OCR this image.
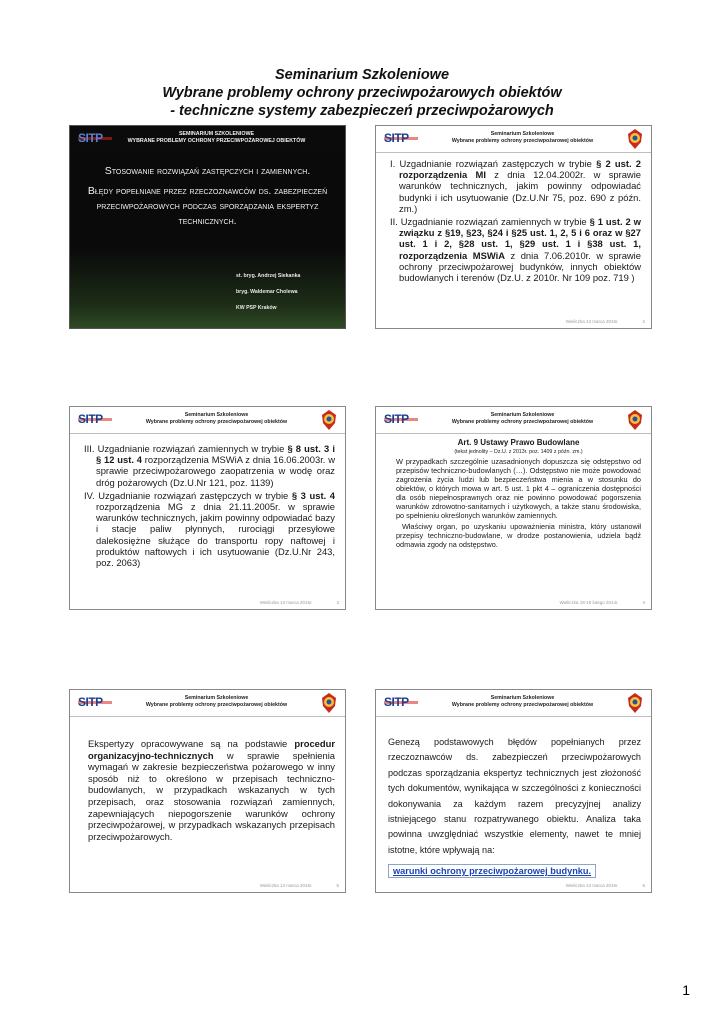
Seminarium Szkoleniowe
Wybrane problemy ochrony przeciwpożarowych obiektów
- techniczne systemy zabezpieczeń przeciwpożarowych
SITP	SEMINARIUM SZKOLENIOWE
WYBRANE PROBLEMY OCHRONY PRZECIWPOŻAROWEJ OBIEKTÓW
Stosowanie rozwiązań zastępczych i zamiennych.
Błędy popełniane przez rzeczoznawców ds. zabezpieczeń przeciwpożarowych podczas sporządzania ekspertyz technicznych.
st. bryg. Andrzej Siekanka
bryg. Waldemar Cholewa
KW PSP Kraków
SITP	Seminarium Szkoleniowe
Wybrane problemy ochrony przeciwpożarowej obiektów
I. Uzgadnianie rozwiązań zastępczych w trybie § 2 ust. 2 rozporządzenia MI z dnia 12.04.2002r. w sprawie warunków technicznych, jakim powinny odpowiadać budynki i ich usytuowanie (Dz.U.Nr 75, poz. 690 z późn. zm.)
II. Uzgadnianie rozwiązań zamiennych w trybie § 1 ust. 2 w związku z §19, §23, §24 i §25 ust. 1, 2, 5 i 6 oraz w §27 ust. 1 i 2, §28 ust. 1, §29 ust. 1 i §38 ust. 1, rozporządzenia MSWiA z dnia 7.06.2010r. w sprawie ochrony przeciwpożarowej budynków, innych obiektów budowlanych i terenów (Dz.U. z 2010r. Nr 109 poz. 719 )
Wieliczka 13 marca 2015r.	2
SITP	Seminarium Szkoleniowe
Wybrane problemy ochrony przeciwpożarowej obiektów
III. Uzgadnianie rozwiązań zamiennych w trybie § 8 ust. 3 i § 12 ust. 4 rozporządzenia MSWiA z dnia 16.06.2003r. w sprawie przeciwpożarowego zaopatrzenia w wodę oraz dróg pożarowych (Dz.U.Nr 121, poz. 1139)
IV. Uzgadnianie rozwiązań zastępczych w trybie § 3 ust. 4 rozporządzenia MG z dnia 21.11.2005r. w sprawie warunków technicznych, jakim powinny odpowiadać bazy i stacje paliw płynnych, rurociągi przesyłowe dalekosiężne służące do transportu ropy naftowej i produktów naftowych i ich usytuowanie (Dz.U.Nr 243, poz. 2063)
Wieliczka 13 marca 2015r.	3
SITP	Seminarium Szkoleniowe
Wybrane problemy ochrony przeciwpożarowej obiektów
Art. 9 Ustawy Prawo Budowlane
(tekst jednolity – Dz.U. z 2013r. poz. 1409 z późn. zm.)
W przypadkach szczególnie uzasadnionych dopuszcza się odstępstwo od przepisów techniczno-budowlanych (…). Odstępstwo nie może powodować zagrożenia życia ludzi lub bezpieczeństwa mienia a w stosunku do obiektów, o których mowa w art. 5 ust. 1 pkt 4 – ograniczenia dostępności dla osób niepełnosprawnych oraz nie powinno powodować pogorszenia warunków zdrowotno-sanitarnych i użytkowych, a także stanu środowiska, po spełnieniu określonych warunków zamiennych.
Właściwy organ, po uzyskaniu upoważnienia ministra, który ustanowił przepisy techniczno-budowlane, w drodze postanowienia, udziela bądź odmawia zgody na odstępstwo.
Wieliczka 18-19 lutego 2014r.	4
SITP	Seminarium Szkoleniowe
Wybrane problemy ochrony przeciwpożarowej obiektów
Ekspertyzy opracowywane są na podstawie procedur organizacyjno-technicznych w sprawie spełnienia wymagań w zakresie bezpieczeństwa pożarowego w inny sposób niż to określono w przepisach techniczno-budowlanych, w przypadkach wskazanych w tych przepisach, oraz stosowania rozwiązań zamiennych, zapewniających niepogorszenie warunków ochrony przeciwpożarowej, w przypadkach wskazanych przepisach przeciwpożarowych.
Wieliczka 13 marca 2015r.	5
SITP	Seminarium Szkoleniowe
Wybrane problemy ochrony przeciwpożarowej obiektów
Genezą podstawowych błędów popełnianych przez rzeczoznawców ds. zabezpieczeń przeciwpożarowych podczas sporządzania ekspertyz technicznych jest złożoność tych dokumentów, wynikająca w szczególności z konieczności dokonywania za każdym razem precyzyjnej analizy istniejącego stanu rozpatrywanego obiektu. Analiza taka powinna uwzględniać wszystkie elementy, nawet te mniej istotne, które wpływają na:
warunki ochrony przeciwpożarowej budynku.
Wieliczka 13 marca 2015r.	6
1
